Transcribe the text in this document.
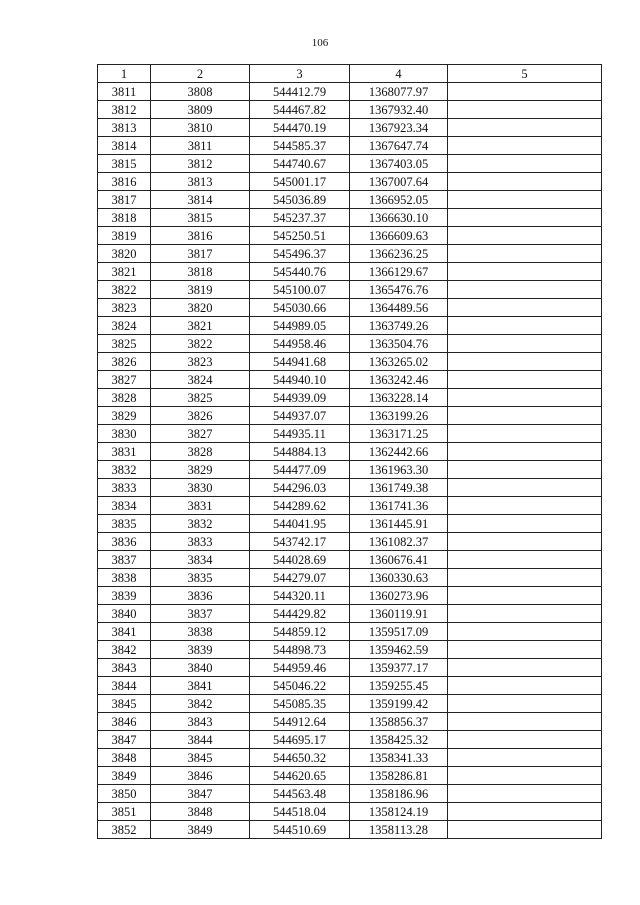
106
1	2	3	4	5
3811	3808	544412.79	1368077.97	
3812	3809	544467.82	1367932.40	
3813	3810	544470.19	1367923.34	
3814	3811	544585.37	1367647.74	
3815	3812	544740.67	1367403.05	
3816	3813	545001.17	1367007.64	
3817	3814	545036.89	1366952.05	
3818	3815	545237.37	1366630.10	
3819	3816	545250.51	1366609.63	
3820	3817	545496.37	1366236.25	
3821	3818	545440.76	1366129.67	
3822	3819	545100.07	1365476.76	
3823	3820	545030.66	1364489.56	
3824	3821	544989.05	1363749.26	
3825	3822	544958.46	1363504.76	
3826	3823	544941.68	1363265.02	
3827	3824	544940.10	1363242.46	
3828	3825	544939.09	1363228.14	
3829	3826	544937.07	1363199.26	
3830	3827	544935.11	1363171.25	
3831	3828	544884.13	1362442.66	
3832	3829	544477.09	1361963.30	
3833	3830	544296.03	1361749.38	
3834	3831	544289.62	1361741.36	
3835	3832	544041.95	1361445.91	
3836	3833	543742.17	1361082.37	
3837	3834	544028.69	1360676.41	
3838	3835	544279.07	1360330.63	
3839	3836	544320.11	1360273.96	
3840	3837	544429.82	1360119.91	
3841	3838	544859.12	1359517.09	
3842	3839	544898.73	1359462.59	
3843	3840	544959.46	1359377.17	
3844	3841	545046.22	1359255.45	
3845	3842	545085.35	1359199.42	
3846	3843	544912.64	1358856.37	
3847	3844	544695.17	1358425.32	
3848	3845	544650.32	1358341.33	
3849	3846	544620.65	1358286.81	
3850	3847	544563.48	1358186.96	
3851	3848	544518.04	1358124.19	
3852	3849	544510.69	1358113.28	
